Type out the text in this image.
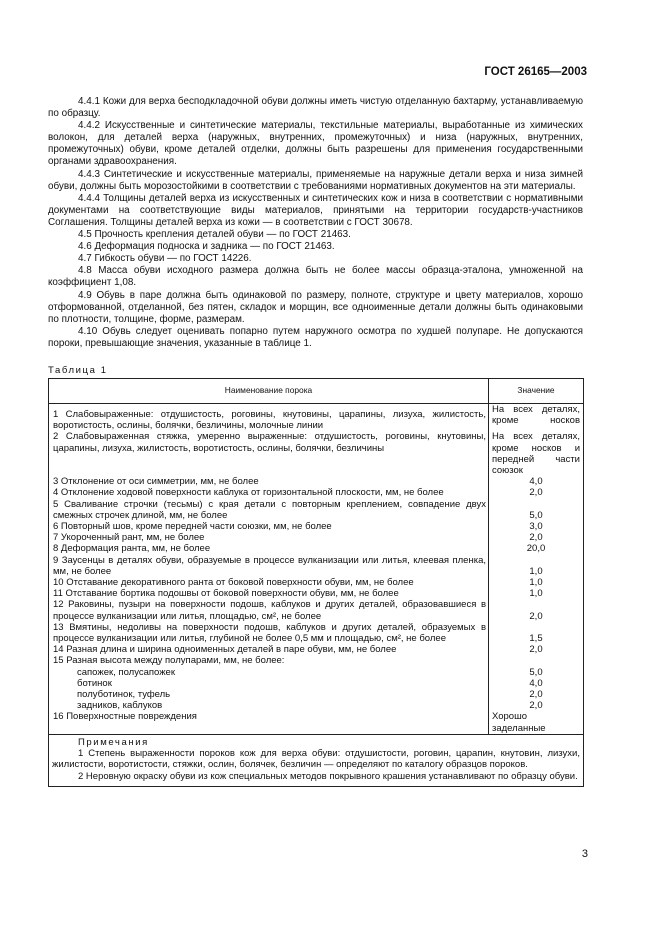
ГОСТ 26165—2003

4.4.1 Кожи для верха бесподкладочной обуви должны иметь чистую отделанную бахтарму, устанавливаемую по образцу.

4.4.2 Искусственные и синтетические материалы, текстильные материалы, выработанные из химических волокон, для деталей верха (наружных, внутренних, промежуточных) и низа (наружных, внутренних, промежуточных) обуви, кроме деталей отделки, должны быть разрешены для применения государственными органами здравоохранения.

4.4.3 Синтетические и искусственные материалы, применяемые на наружные детали верха и низа зимней обуви, должны быть морозостойкими в соответствии с требованиями нормативных документов на эти материалы.

4.4.4 Толщины деталей верха из искусственных и синтетических кож и низа в соответствии с нормативными документами на соответствующие виды материалов, принятыми на территории государств-участников Соглашения. Толщины деталей верха из кожи — в соответствии с ГОСТ 30678.

4.5 Прочность крепления деталей обуви — по ГОСТ 21463.

4.6 Деформация подноска и задника — по ГОСТ 21463.

4.7 Гибкость обуви — по ГОСТ 14226.

4.8 Масса обуви исходного размера должна быть не более массы образца-эталона, умноженной на коэффициент 1,08.

4.9 Обувь в паре должна быть одинаковой по размеру, полноте, структуре и цвету материалов, хорошо отформованной, отделанной, без пятен, складок и морщин, все одноименные детали должны быть одинаковыми по плотности, толщине, форме, размерам.

4.10 Обувь следует оценивать попарно путем наружного осмотра по худшей полупаре. Не допускаются пороки, превышающие значения, указанные в таблице 1.

Таблица 1
Наименование порока	Значение
1 Слабовыраженные: отдушистость, роговины, кнутовины, царапины, лизуха, жилистость, воротистость, ослины, болячки, безличины, молочные линии	На всех деталях, кроме носков
2 Слабовыраженная стяжка, умеренно выраженные: отдушистость, роговины, кнутовины, царапины, лизуха, жилистость, воротистость, ослины, болячки, безличины	На всех деталях, кроме носков и передней части союзок
3 Отклонение от оси симметрии, мм, не более	4,0
4 Отклонение ходовой поверхности каблука от горизонтальной плоскости, мм, не более	2,0
5 Сваливание строчки (тесьмы) с края детали с повторным креплением, совпадение двух смежных строчек длиной, мм, не более	5,0
6 Повторный шов, кроме передней части союзки, мм, не более	3,0
7 Укороченный рант, мм, не более	2,0
8 Деформация ранта, мм, не более	20,0
9 Заусенцы в деталях обуви, образуемые в процессе вулканизации или литья, клеевая пленка, мм, не более	1,0
10 Отставание декоративного ранта от боковой поверхности обуви, мм, не более	1,0
11 Отставание бортика подошвы от боковой поверхности обуви, мм, не более	1,0
12 Раковины, пузыри на поверхности подошв, каблуков и других деталей, образовавшиеся в процессе вулканизации или литья, площадью, см², не более	2,0
13 Вмятины, недоливы на поверхности подошв, каблуков и других деталей, образуемых в процессе вулканизации или литья, глубиной не более 0,5 мм и площадью, см², не более	1,5
14 Разная длина и ширина одноименных деталей в паре обуви, мм, не более	2,0
15 Разная высота между полупарами, мм, не более:	
сапожек, полусапожек	5,0
ботинок	4,0
полуботинок, туфель	2,0
задников, каблуков	2,0
16 Поверхностные повреждения	Хорошо заделанные

Примечания

1 Степень выраженности пороков кож для верха обуви: отдушистости, роговин, царапин, кнутовин, лизухи, жилистости, воротистости, стяжки, ослин, болячек, безличин — определяют по каталогу образцов пороков.

2 Неровную окраску обуви из кож специальных методов покрывного крашения устанавливают по образцу обуви.	

3
